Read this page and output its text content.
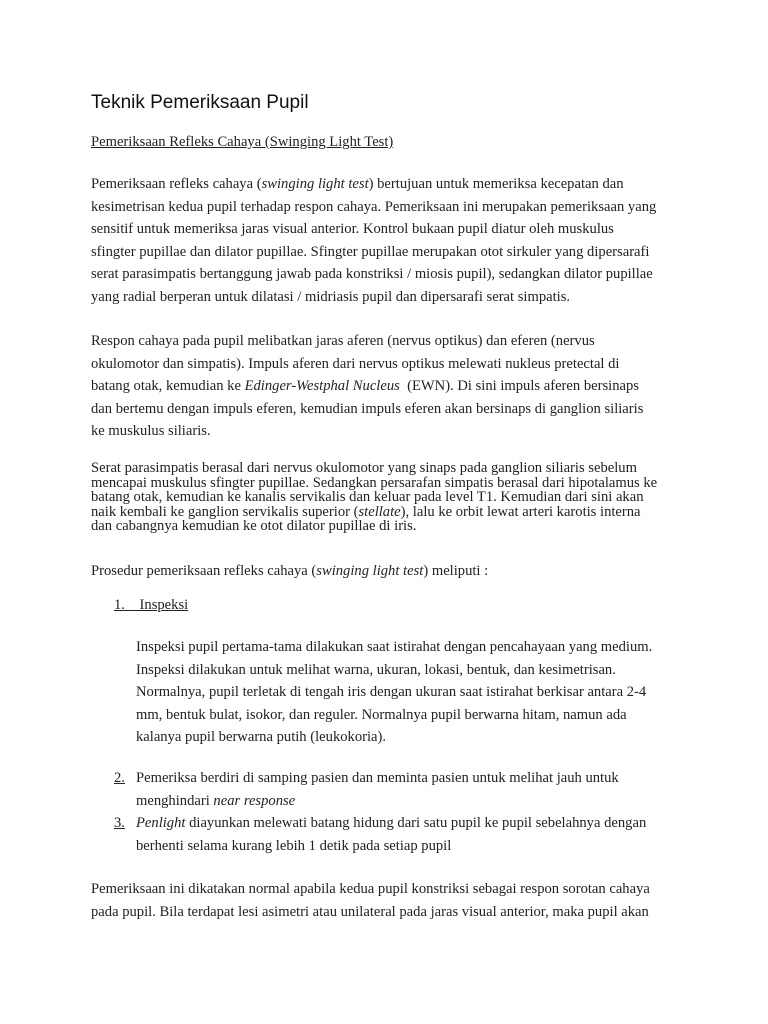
Teknik Pemeriksaan Pupil

Pemeriksaan Refleks Cahaya (Swinging Light Test)

Pemeriksaan refleks cahaya (swinging light test) bertujuan untuk memeriksa kecepatan dan
kesimetrisan kedua pupil terhadap respon cahaya. Pemeriksaan ini merupakan pemeriksaan yang
sensitif untuk memeriksa jaras visual anterior. Kontrol bukaan pupil diatur oleh muskulus
sfingter pupillae dan dilator pupillae. Sfingter pupillae merupakan otot sirkuler yang dipersarafi
serat parasimpatis bertanggung jawab pada konstriksi / miosis pupil), sedangkan dilator pupillae
yang radial berperan untuk dilatasi / midriasis pupil dan dipersarafi serat simpatis.

Respon cahaya pada pupil melibatkan jaras aferen (nervus optikus) dan eferen (nervus
okulomotor dan simpatis). Impuls aferen dari nervus optikus melewati nukleus pretectal di
batang otak, kemudian ke Edinger-Westphal Nucleus  (EWN). Di sini impuls aferen bersinaps
dan bertemu dengan impuls eferen, kemudian impuls eferen akan bersinaps di ganglion siliaris
ke muskulus siliaris.

Serat parasimpatis berasal dari nervus okulomotor yang sinaps pada ganglion siliaris sebelum
mencapai muskulus sfingter pupillae. Sedangkan persarafan simpatis berasal dari hipotalamus ke
batang otak, kemudian ke kanalis servikalis dan keluar pada level T1. Kemudian dari sini akan
naik kembali ke ganglion servikalis superior (stellate), lalu ke orbit lewat arteri karotis interna
dan cabangnya kemudian ke otot dilator pupillae di iris.

Prosedur pemeriksaan refleks cahaya (swinging light test) meliputi :

1. Inspeksi

Inspeksi pupil pertama-tama dilakukan saat istirahat dengan pencahayaan yang medium.
Inspeksi dilakukan untuk melihat warna, ukuran, lokasi, bentuk, dan kesimetrisan.
Normalnya, pupil terletak di tengah iris dengan ukuran saat istirahat berkisar antara 2-4
mm, bentuk bulat, isokor, dan reguler. Normalnya pupil berwarna hitam, namun ada
kalanya pupil berwarna putih (leukokoria).

2. Pemeriksa berdiri di samping pasien dan meminta pasien untuk melihat jauh untuk
menghindari near response

3. Penlight diayunkan melewati batang hidung dari satu pupil ke pupil sebelahnya dengan
berhenti selama kurang lebih 1 detik pada setiap pupil

Pemeriksaan ini dikatakan normal apabila kedua pupil konstriksi sebagai respon sorotan cahaya
pada pupil. Bila terdapat lesi asimetri atau unilateral pada jaras visual anterior, maka pupil akan
